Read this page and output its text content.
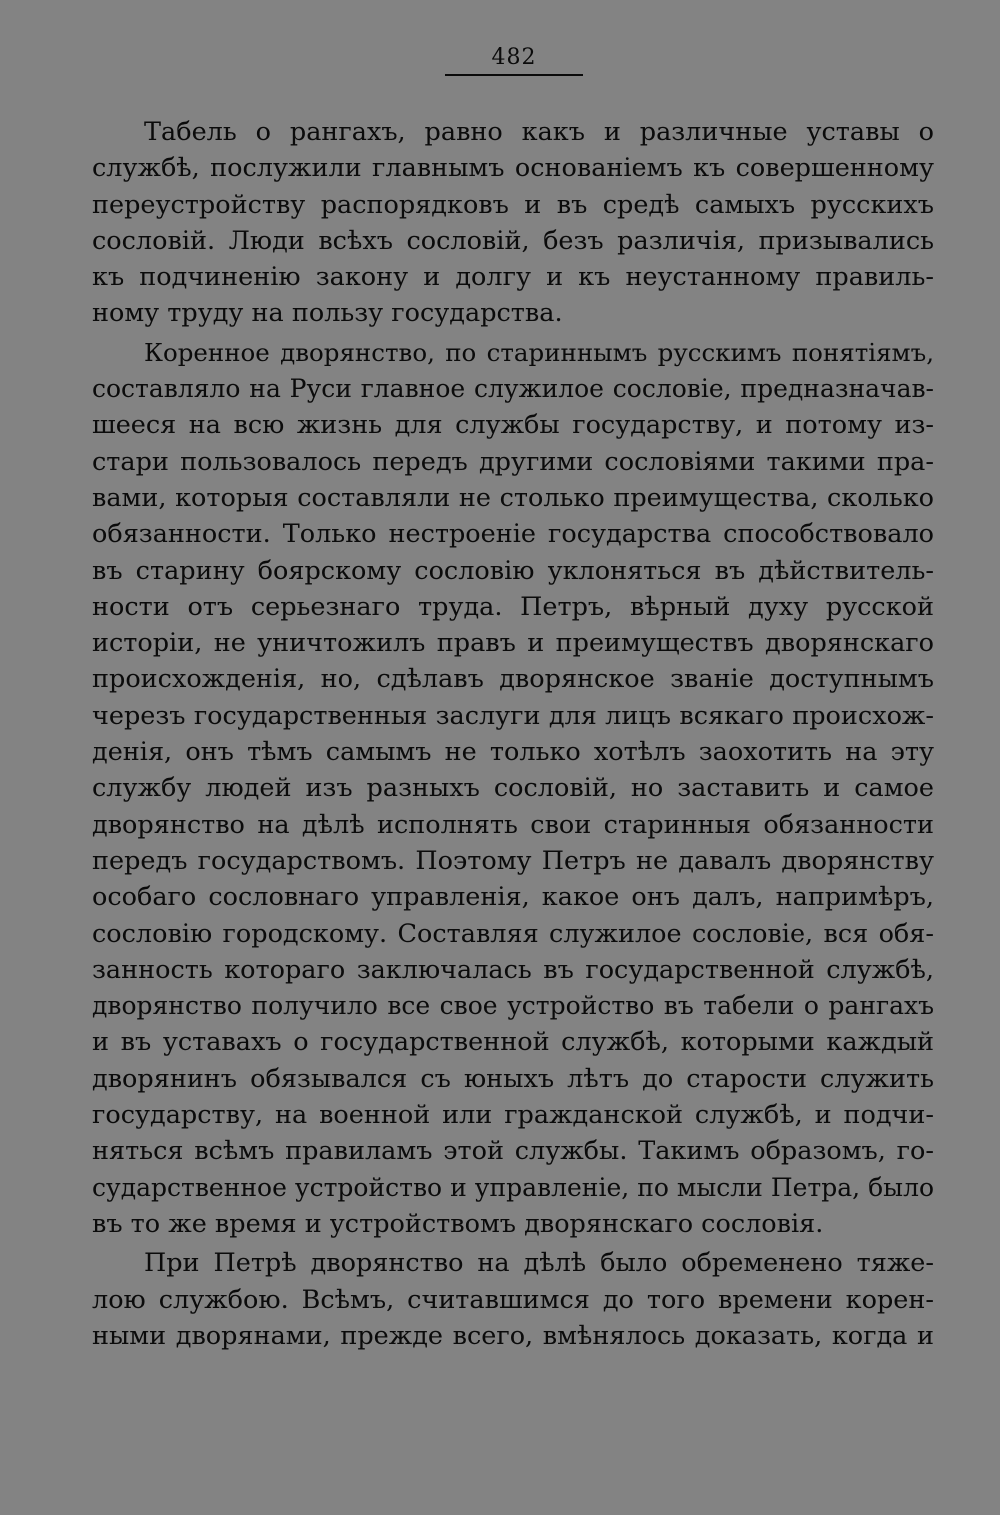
482
Табель о рангахъ, равно какъ и различные уставы о
службѣ, послужили главнымъ основанiемъ къ совершенному
переустройству распорядковъ и въ средѣ самыхъ русскихъ
сословiй. Люди всѣхъ сословiй, безъ различiя, призывались
къ подчиненiю закону и долгу и къ неустанному правиль-
ному труду на пользу государства.
Коренное дворянство, по стариннымъ русскимъ понятiямъ,
составляло на Руси главное служилое сословiе, предназначав-
шееся на всю жизнь для службы государству, и потому из-
стари пользовалось передъ другими сословiями такими пра-
вами, которыя составляли не столько преимущества, сколько
обязанности. Только нестроенiе государства способствовало
въ старину боярскому сословiю уклоняться въ дѣйствитель-
ности отъ серьезнаго труда. Петръ, вѣрный духу русской
исторiи, не уничтожилъ правъ и преимуществъ дворянскаго
происхожденiя, но, сдѣлавъ дворянское званiе доступнымъ
черезъ государственныя заслуги для лицъ всякаго происхож-
денiя, онъ тѣмъ самымъ не только хотѣлъ заохотить на эту
службу людей изъ разныхъ сословiй, но заставить и самое
дворянство на дѣлѣ исполнять свои старинныя обязанности
передъ государствомъ. Поэтому Петръ не давалъ дворянству
особаго сословнаго управленiя, какое онъ далъ, напримѣръ,
сословiю городскому. Составляя служилое сословiе, вся обя-
занность котораго заключалась въ государственной службѣ,
дворянство получило все свое устройство въ табели о рангахъ
и въ уставахъ о государственной службѣ, которыми каждый
дворянинъ обязывался съ юныхъ лѣтъ до старости служить
государству, на военной или гражданской службѣ, и подчи-
няться всѣмъ правиламъ этой службы. Такимъ образомъ, го-
сударственное устройство и управленiе, по мысли Петра, было
въ то же время и устройствомъ дворянскаго сословiя.
При Петрѣ дворянство на дѣлѣ было обременено тяже-
лою службою. Всѣмъ, считавшимся до того времени корен-
ными дворянами, прежде всего, вмѣнялось доказать, когда и
